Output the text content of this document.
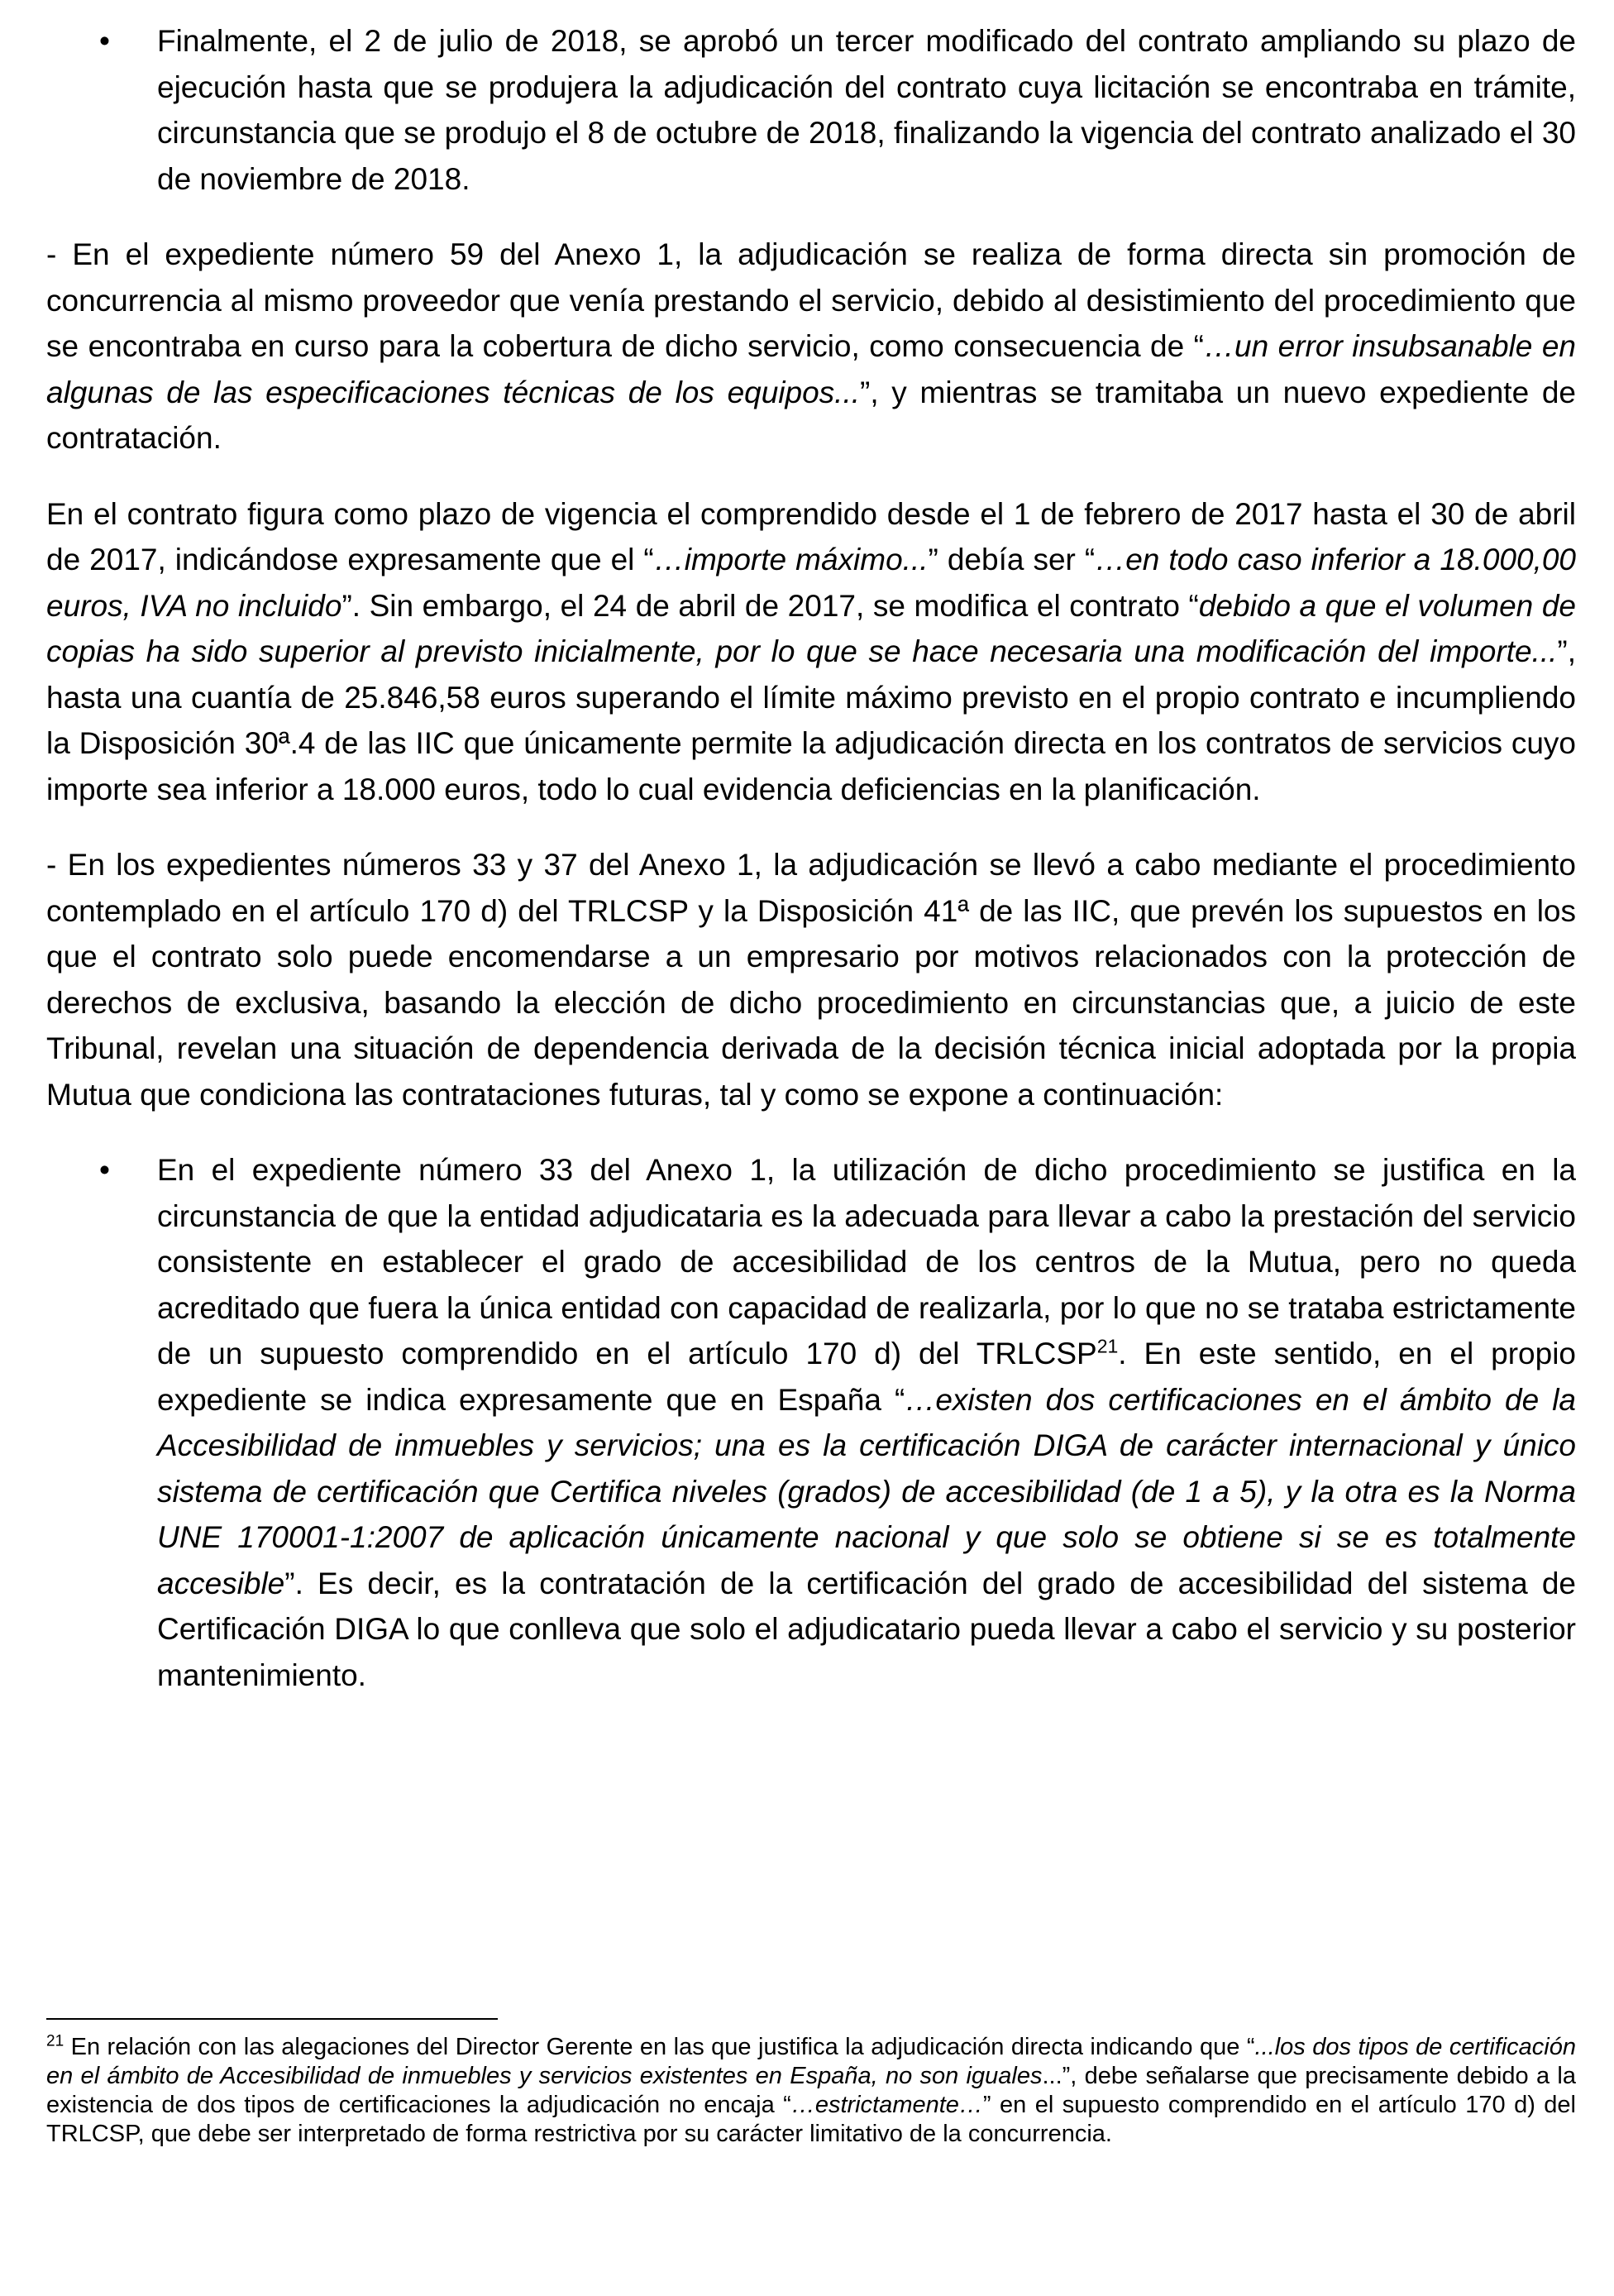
• Finalmente, el 2 de julio de 2018, se aprobó un tercer modificado del contrato ampliando su plazo de ejecución hasta que se produjera la adjudicación del contrato cuya licitación se encontraba en trámite, circunstancia que se produjo el 8 de octubre de 2018, finalizando la vigencia del contrato analizado el 30 de noviembre de 2018.

- En el expediente número 59 del Anexo 1, la adjudicación se realiza de forma directa sin promoción de concurrencia al mismo proveedor que venía prestando el servicio, debido al desistimiento del procedimiento que se encontraba en curso para la cobertura de dicho servicio, como consecuencia de “…un error insubsanable en algunas de las especificaciones técnicas de los equipos...”, y mientras se tramitaba un nuevo expediente de contratación.

En el contrato figura como plazo de vigencia el comprendido desde el 1 de febrero de 2017 hasta el 30 de abril de 2017, indicándose expresamente que el “…importe máximo...” debía ser “…en todo caso inferior a 18.000,00 euros, IVA no incluido”. Sin embargo, el 24 de abril de 2017, se modifica el contrato “debido a que el volumen de copias ha sido superior al previsto inicialmente, por lo que se hace necesaria una modificación del importe...”, hasta una cuantía de 25.846,58 euros superando el límite máximo previsto en el propio contrato e incumpliendo la Disposición 30ª.4 de las IIC que únicamente permite la adjudicación directa en los contratos de servicios cuyo importe sea inferior a 18.000 euros, todo lo cual evidencia deficiencias en la planificación.

- En los expedientes números 33 y 37 del Anexo 1, la adjudicación se llevó a cabo mediante el procedimiento contemplado en el artículo 170 d) del TRLCSP y la Disposición 41ª de las IIC, que prevén los supuestos en los que el contrato solo puede encomendarse a un empresario por motivos relacionados con la protección de derechos de exclusiva, basando la elección de dicho procedimiento en circunstancias que, a juicio de este Tribunal, revelan una situación de dependencia derivada de la decisión técnica inicial adoptada por la propia Mutua que condiciona las contrataciones futuras, tal y como se expone a continuación:

• En el expediente número 33 del Anexo 1, la utilización de dicho procedimiento se justifica en la circunstancia de que la entidad adjudicataria es la adecuada para llevar a cabo la prestación del servicio consistente en establecer el grado de accesibilidad de los centros de la Mutua, pero no queda acreditado que fuera la única entidad con capacidad de realizarla, por lo que no se trataba estrictamente de un supuesto comprendido en el artículo 170 d) del TRLCSP$^{21}$. En este sentido, en el propio expediente se indica expresamente que en España “…existen dos certificaciones en el ámbito de la Accesibilidad de inmuebles y servicios; una es la certificación DIGA de carácter internacional y único sistema de certificación que Certifica niveles (grados) de accesibilidad (de 1 a 5), y la otra es la Norma UNE 170001-1:2007 de aplicación únicamente nacional y que solo se obtiene si se es totalmente accesible”. Es decir, es la contratación de la certificación del grado de accesibilidad del sistema de Certificación DIGA lo que conlleva que solo el adjudicatario pueda llevar a cabo el servicio y su posterior mantenimiento.

$^{21}$ En relación con las alegaciones del Director Gerente en las que justifica la adjudicación directa indicando que “...los dos tipos de certificación en el ámbito de Accesibilidad de inmuebles y servicios existentes en España, no son iguales...”, debe señalarse que precisamente debido a la existencia de dos tipos de certificaciones la adjudicación no encaja “…estrictamente…” en el supuesto comprendido en el artículo 170 d) del TRLCSP, que debe ser interpretado de forma restrictiva por su carácter limitativo de la concurrencia.
